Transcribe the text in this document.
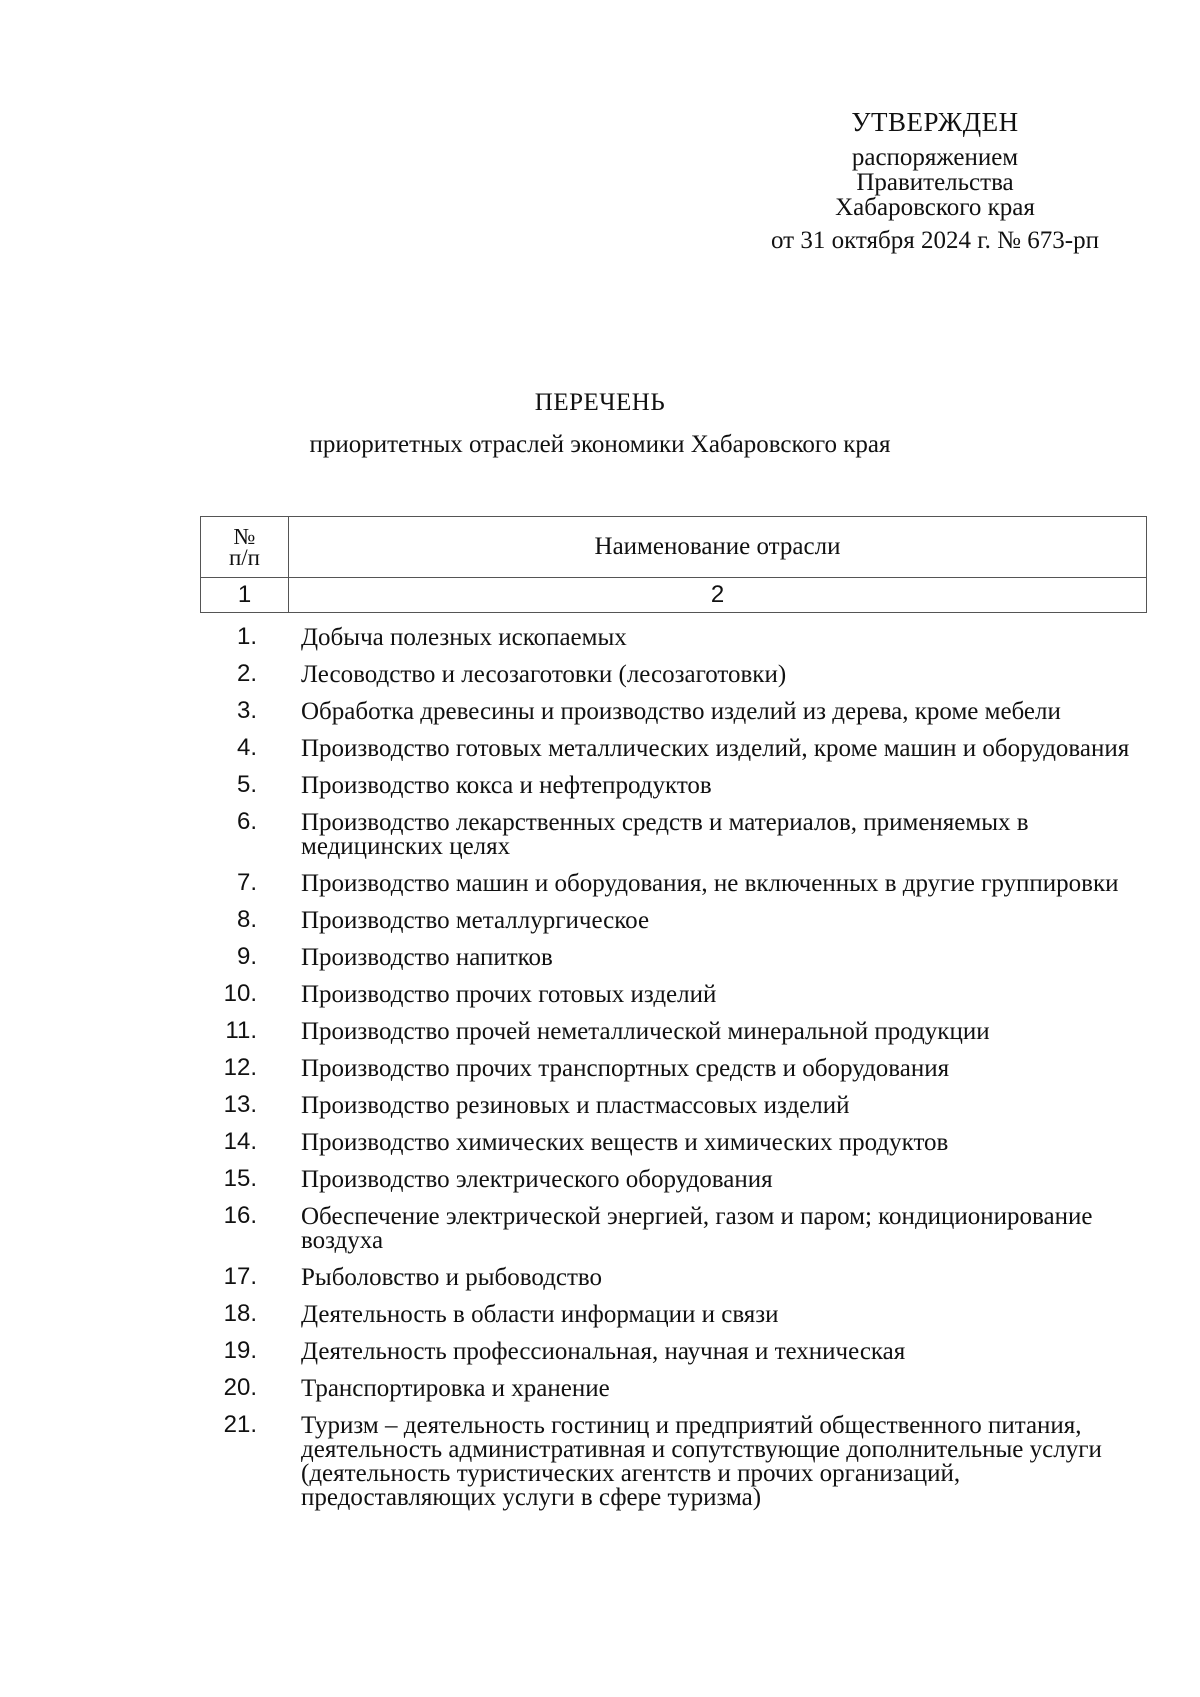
УТВЕРЖДЕН
распоряжением
Правительства
Хабаровского края
от 31 октября 2024 г. № 673-рп
ПЕРЕЧЕНЬ
приоритетных отраслей экономики Хабаровского края
№
п/п	Наименование отрасли
1	2
1. Добыча полезных ископаемых
2. Лесоводство и лесозаготовки (лесозаготовки)
3. Обработка древесины и производство изделий из дерева, кроме мебели
4. Производство готовых металлических изделий, кроме машин и оборудования
5. Производство кокса и нефтепродуктов
6. Производство лекарственных средств и материалов, применяемых в медицинских целях
7. Производство машин и оборудования, не включенных в другие группировки
8. Производство металлургическое
9. Производство напитков
10. Производство прочих готовых изделий
11. Производство прочей неметаллической минеральной продукции
12. Производство прочих транспортных средств и оборудования
13. Производство резиновых и пластмассовых изделий
14. Производство химических веществ и химических продуктов
15. Производство электрического оборудования
16. Обеспечение электрической энергией, газом и паром; кондиционирование воздуха
17. Рыболовство и рыбоводство
18. Деятельность в области информации и связи
19. Деятельность профессиональная, научная и техническая
20. Транспортировка и хранение
21. Туризм – деятельность гостиниц и предприятий общественного питания, деятельность административная и сопутствующие дополнительные услуги (деятельность туристических агентств и прочих организаций, предоставляющих услуги в сфере туризма)
